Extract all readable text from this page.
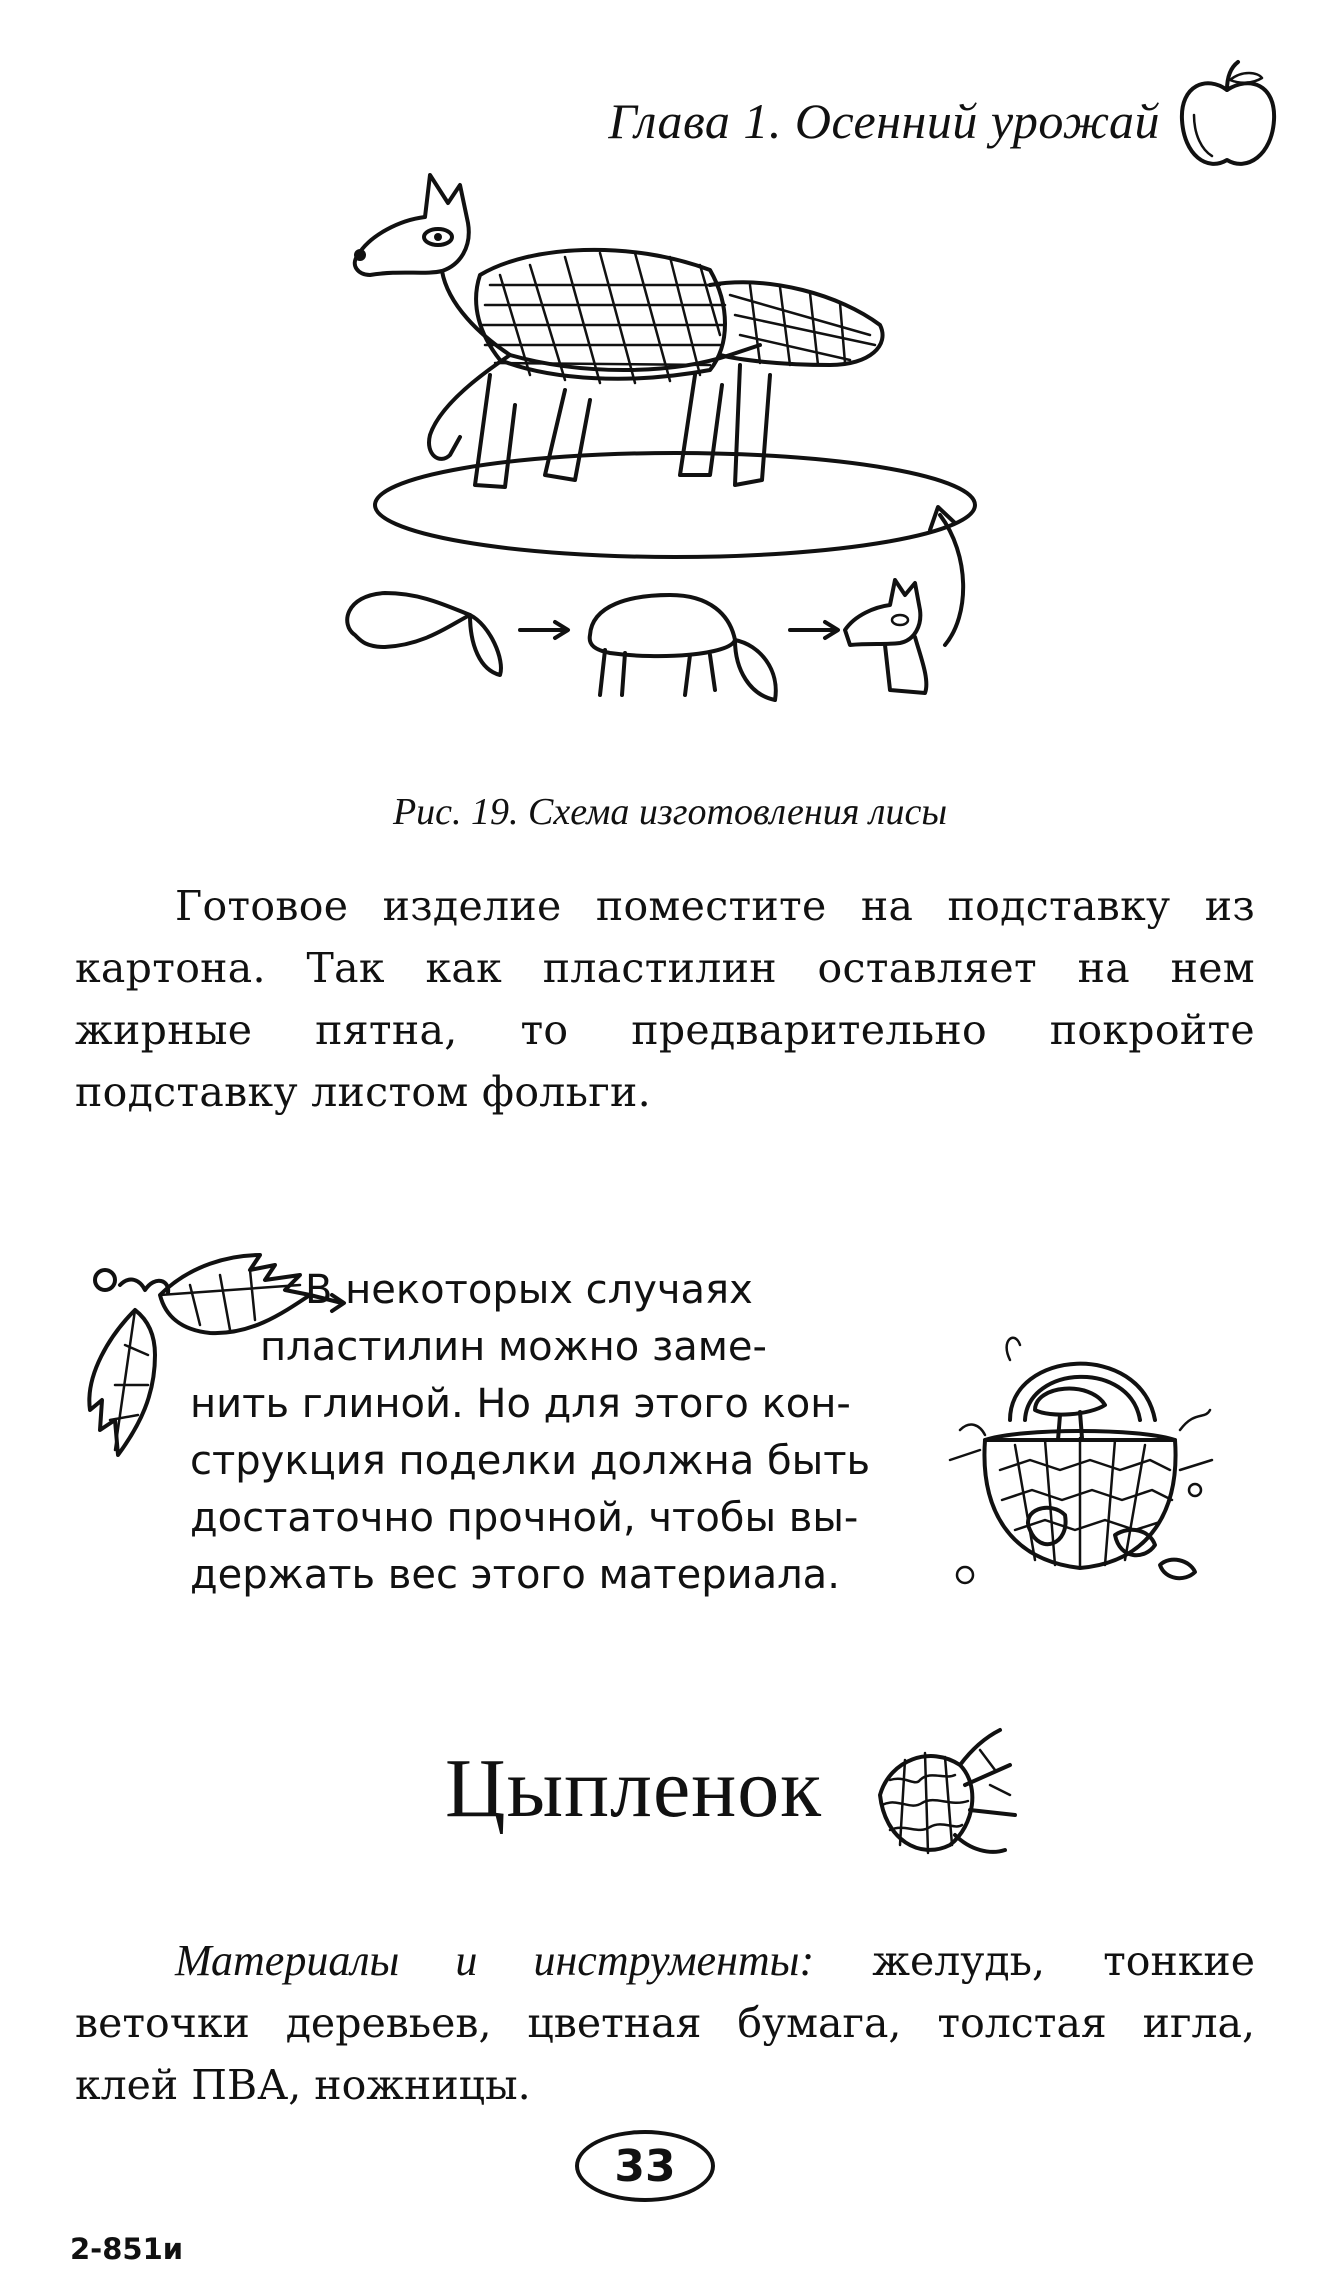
Глава 1. Осенний урожай
Рис. 19. Схема изготовления лисы

Готовое изделие поместите на подставку из картона. Так как пластилин оставляет на нем жирные пятна, то предварительно покройте подставку листом фольги.

В некоторых случаях
пластилин можно заме-
нить глиной. Но для этого кон-
струкция поделки должна быть
достаточно прочной, чтобы вы-
держать вес этого материала.
Цыпленок

Материалы и инструменты: желудь, тонкие веточки деревьев, цветная бумага, толстая игла, клей ПВА, ножницы.

33
2-851и
